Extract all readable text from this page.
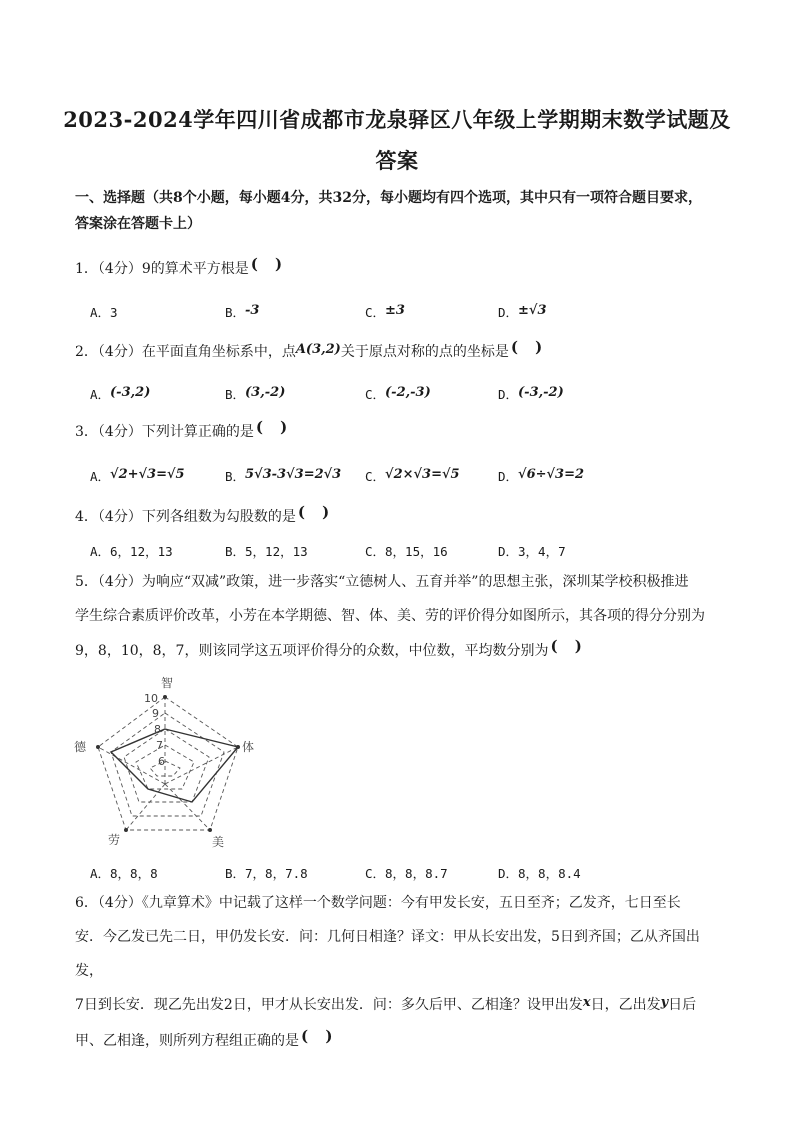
2023-2024学年四川省成都市龙泉驿区八年级上学期期末数学试题及
答案
一、选择题（共8个小题，每小题4分，共32分，每小题均有四个选项，其中只有一项符合题目要求，
答案涂在答题卡上）
1．（4分）9的算术平方根是 ( )
A．3	B．-3	C．±3	D．±√3
2．（4分）在平面直角坐标系中，点A(3,2)关于原点对称的点的坐标是 ( )
A．(-3,2)	B．(3,-2)	C．(-2,-3)	D．(-3,-2)
3．（4分）下列计算正确的是 ( )
A．√2+√3=√5	B．5√3-3√3=2√3 C．√2×√3=√5	D．√6÷√3=2
4．（4分）下列各组数为勾股数的是 ( )
A．6，12，13	B．5，12，13	C．8，15，16	D．3，4，7
5．（4分）为响应“双减”政策，进一步落实“立德树人、五育并举”的思想主张，深圳某学校积极推进
学生综合素质评价改革，小芳在本学期德、智、体、美、劳的评价得分如图所示，其各项的得分分别为
9，8，10，8，7，则该同学这五项评价得分的众数，中位数，平均数分别为 ( )
智
体
美
劳
德
10
9
8
7
6
A．8，8，8	B．7，8，7.8	C．8，8，8.7	D．8，8，8.4
6．（4分）《九章算术》中记载了这样一个数学问题：今有甲发长安，五日至齐；乙发齐，七日至长
安．今乙发已先二日，甲仍发长安．问：几何日相逢？译文：甲从长安出发，5日到齐国；乙从齐国出发，
7日到长安．现乙先出发2日，甲才从长安出发．问：多久后甲、乙相逢？设甲出发x日，乙出发y日后
甲、乙相逢，则所列方程组正确的是 ( )
